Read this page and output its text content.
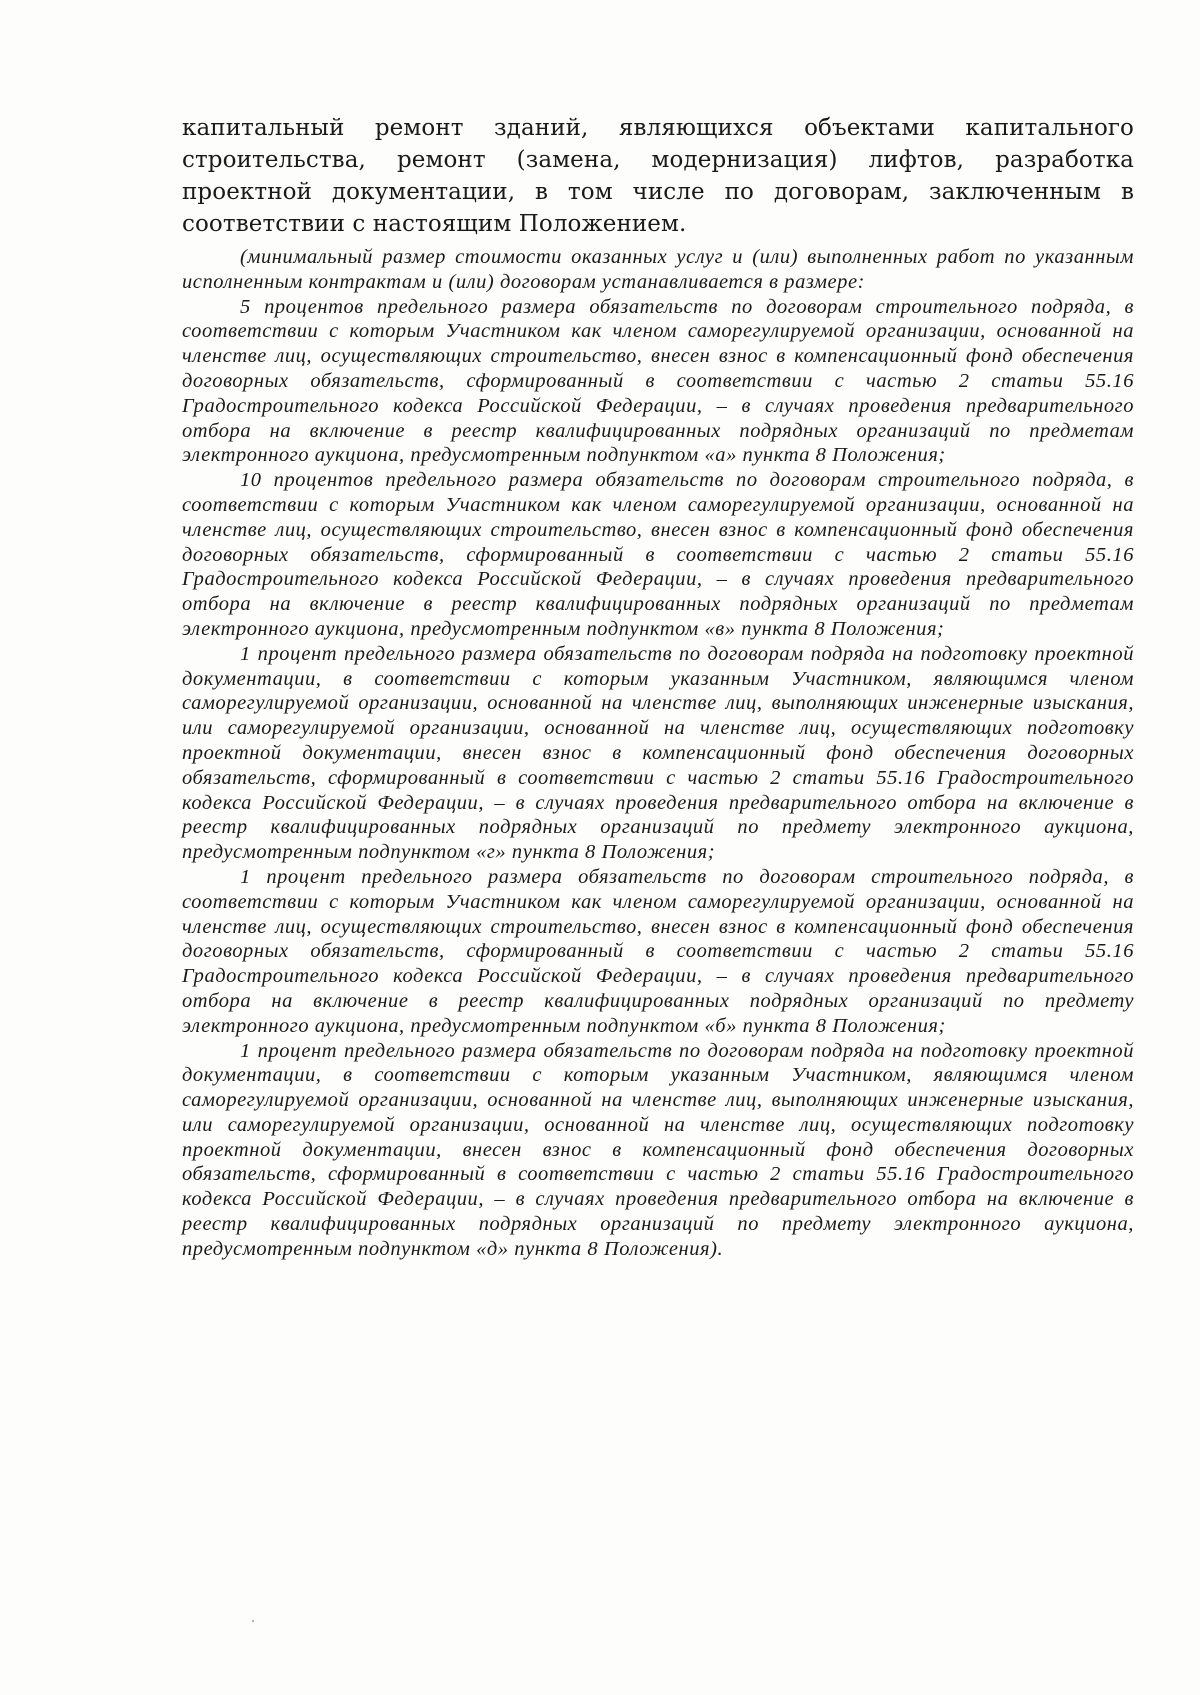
капитальный ремонт зданий, являющихся объектами капитального строительства, ремонт (замена, модернизация) лифтов, разработка проектной документации, в том числе по договорам, заключенным в соответствии с настоящим Положением.

(минимальный размер стоимости оказанных услуг и (или) выполненных работ по указанным исполненным контрактам и (или) договорам устанавливается в размере:

5 процентов предельного размера обязательств по договорам строительного подряда, в соответствии с которым Участником как членом саморегулируемой организации, основанной на членстве лиц, осуществляющих строительство, внесен взнос в компенсационный фонд обеспечения договорных обязательств, сформированный в соответствии с частью 2 статьи 55.16 Градостроительного кодекса Российской Федерации, – в случаях проведения предварительного отбора на включение в реестр квалифицированных подрядных организаций по предметам электронного аукциона, предусмотренным подпунктом «а» пункта 8 Положения;

10 процентов предельного размера обязательств по договорам строительного подряда, в соответствии с которым Участником как членом саморегулируемой организации, основанной на членстве лиц, осуществляющих строительство, внесен взнос в компенсационный фонд обеспечения договорных обязательств, сформированный в соответствии с частью 2 статьи 55.16 Градостроительного кодекса Российской Федерации, – в случаях проведения предварительного отбора на включение в реестр квалифицированных подрядных организаций по предметам электронного аукциона, предусмотренным подпунктом «в» пункта 8 Положения;

1 процент предельного размера обязательств по договорам подряда на подготовку проектной документации, в соответствии с которым указанным Участником, являющимся членом саморегулируемой организации, основанной на членстве лиц, выполняющих инженерные изыскания, или саморегулируемой организации, основанной на членстве лиц, осуществляющих подготовку проектной документации, внесен взнос в компенсационный фонд обеспечения договорных обязательств, сформированный в соответствии с частью 2 статьи 55.16 Градостроительного кодекса Российской Федерации, – в случаях проведения предварительного отбора на включение в реестр квалифицированных подрядных организаций по предмету электронного аукциона, предусмотренным подпунктом «г» пункта 8 Положения;

1 процент предельного размера обязательств по договорам строительного подряда, в соответствии с которым Участником как членом саморегулируемой организации, основанной на членстве лиц, осуществляющих строительство, внесен взнос в компенсационный фонд обеспечения договорных обязательств, сформированный в соответствии с частью 2 статьи 55.16 Градостроительного кодекса Российской Федерации, – в случаях проведения предварительного отбора на включение в реестр квалифицированных подрядных организаций по предмету электронного аукциона, предусмотренным подпунктом «б» пункта 8 Положения;

1 процент предельного размера обязательств по договорам подряда на подготовку проектной документации, в соответствии с которым указанным Участником, являющимся членом саморегулируемой организации, основанной на членстве лиц, выполняющих инженерные изыскания, или саморегулируемой организации, основанной на членстве лиц, осуществляющих подготовку проектной документации, внесен взнос в компенсационный фонд обеспечения договорных обязательств, сформированный в соответствии с частью 2 статьи 55.16 Градостроительного кодекса Российской Федерации, – в случаях проведения предварительного отбора на включение в реестр квалифицированных подрядных организаций по предмету электронного аукциона, предусмотренным подпунктом «д» пункта 8 Положения).
